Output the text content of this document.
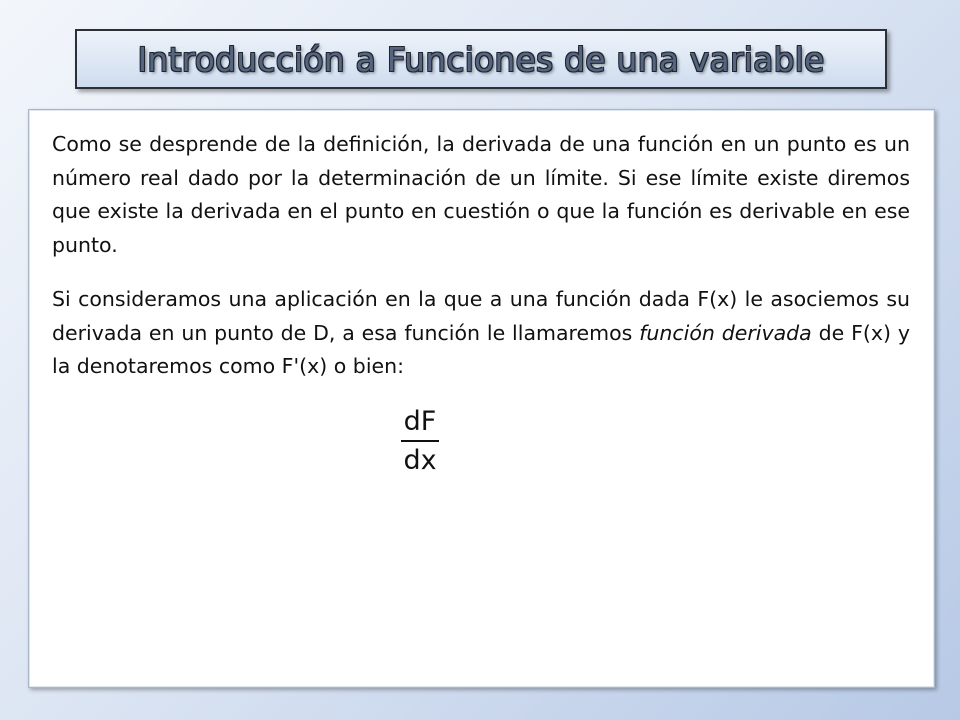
Introducción a Funciones de una variable

Como se desprende de la definición, la derivada de una función en un punto es un número real dado por la determinación de un límite. Si ese límite existe diremos que existe la derivada en el punto en cuestión o que la función es derivable en ese punto.

Si consideramos una aplicación en la que a una función dada F(x) le asociemos su derivada en un punto de D, a esa función le llamaremos función derivada de F(x) y la denotaremos como F'(x) o bien:

dF
dx
